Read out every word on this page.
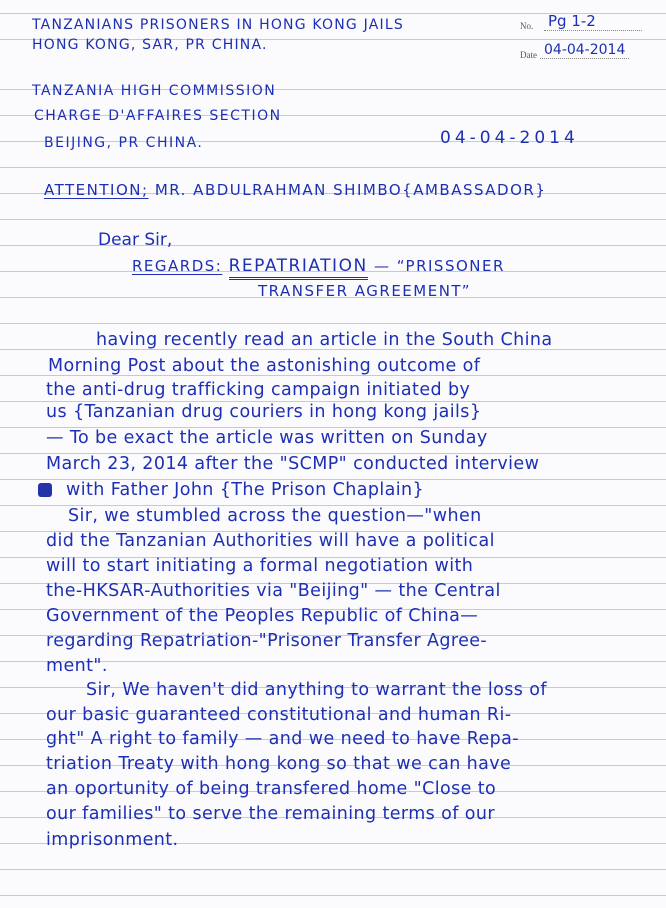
TANZANIANS PRISONERS IN HONG KONG JAILS
HONG KONG, SAR, PR CHINA.
No. Pg 1-2
Date 04-04-2014
TANZANIA HIGH COMMISSION
CHARGE D'AFFAIRES SECTION
BEIJING, PR CHINA.	04-04-2014
ATTENTION; MR. ABDULRAHMAN SHIMBO{AMBASSADOR}
Dear Sir,
REGARDS: REPATRIATION — “PRISSONER
TRANSFER AGREEMENT”
having recently read an article in the South China
Morning Post about the astonishing outcome of
the anti-drug trafficking campaign initiated by
us {Tanzanian drug couriers in hong kong jails}
— To be exact the article was written on Sunday
March 23, 2014 after the "SCMP" conducted interview
with Father John {The Prison Chaplain}
Sir, we stumbled across the question—"when
did the Tanzanian Authorities will have a political
will to start initiating a formal negotiation with
the-HKSAR-Authorities via "Beijing" — the Central
Government of the Peoples Republic of China—
regarding Repatriation-"Prisoner Transfer Agree-
ment".
Sir, We haven't did anything to warrant the loss of
our basic guaranteed constitutional and human Ri-
ght" A right to family — and we need to have Repa-
triation Treaty with hong kong so that we can have
an oportunity of being transfered home "Close to
our families" to serve the remaining terms of our
imprisonment.
